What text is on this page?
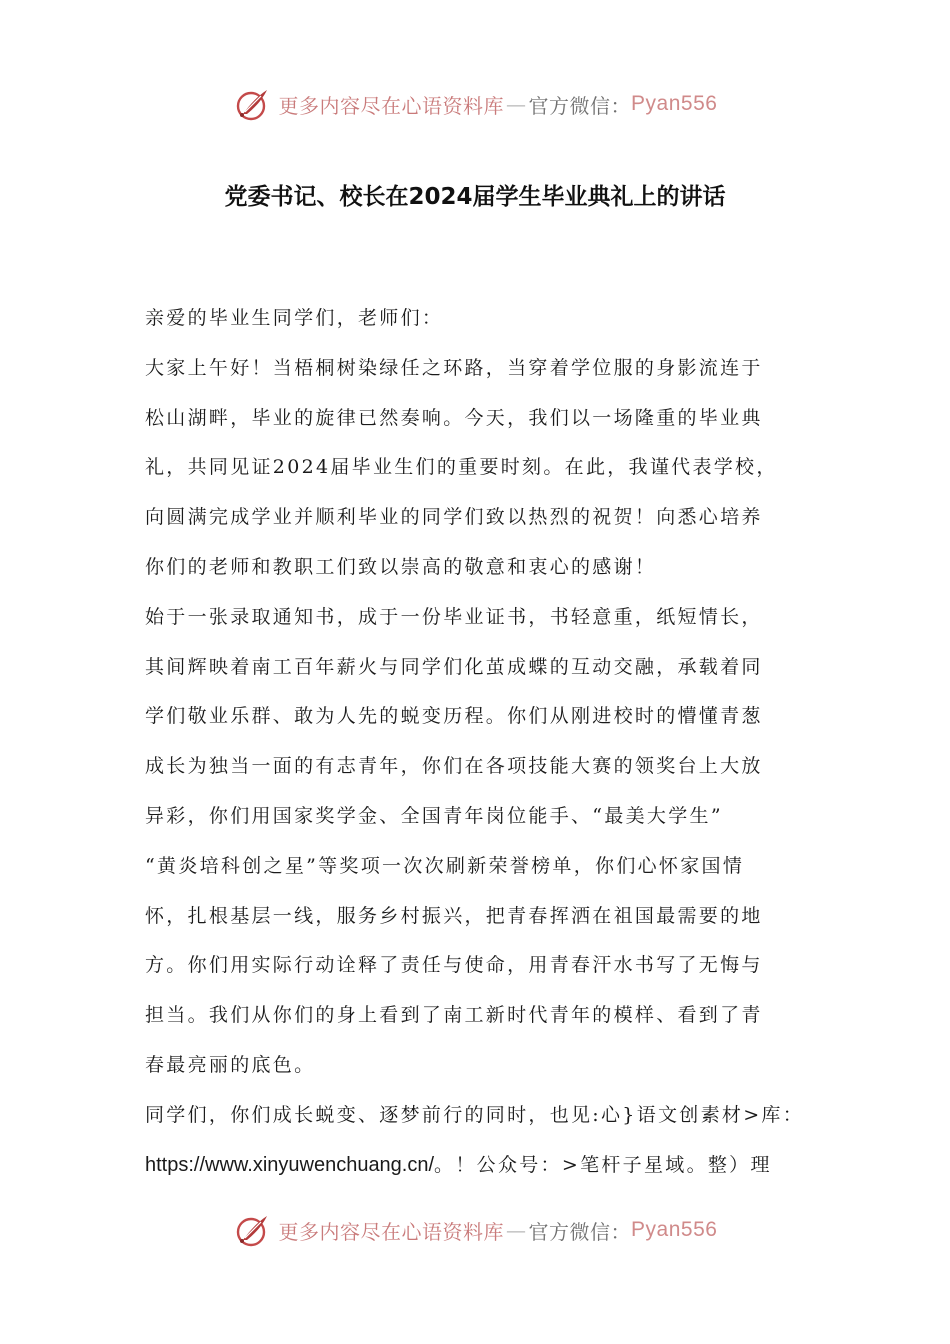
更多内容尽在心语资料库 — 官方微信： Pyan556
党委书记、校长在2024届学生毕业典礼上的讲话

亲爱的毕业生同学们，老师们：

大家上午好！当梧桐树染绿任之环路，当穿着学位服的身影流连于

松山湖畔，毕业的旋律已然奏响。今天，我们以一场隆重的毕业典

礼，共同见证2024届毕业生们的重要时刻。在此，我谨代表学校，

向圆满完成学业并顺利毕业的同学们致以热烈的祝贺！向悉心培养

你们的老师和教职工们致以崇高的敬意和衷心的感谢！

始于一张录取通知书，成于一份毕业证书，书轻意重，纸短情长，

其间辉映着南工百年薪火与同学们化茧成蝶的互动交融，承载着同

学们敬业乐群、敢为人先的蜕变历程。你们从刚进校时的懵懂青葱

成长为独当一面的有志青年，你们在各项技能大赛的领奖台上大放

异彩，你们用国家奖学金、全国青年岗位能手、“最美大学生”

“黄炎培科创之星”等奖项一次次刷新荣誉榜单，你们心怀家国情

怀，扎根基层一线，服务乡村振兴，把青春挥洒在祖国最需要的地

方。你们用实际行动诠释了责任与使命，用青春汗水书写了无悔与

担当。我们从你们的身上看到了南工新时代青年的模样、看到了青

春最亮丽的底色。

同学们，你们成长蜕变、逐梦前行的同时，也见:心}语文创素材>库：

https://www.xinyuwenchuang.cn/。！公众号：>笔杆子星域。整）理

更多内容尽在心语资料库 — 官方微信： Pyan556
